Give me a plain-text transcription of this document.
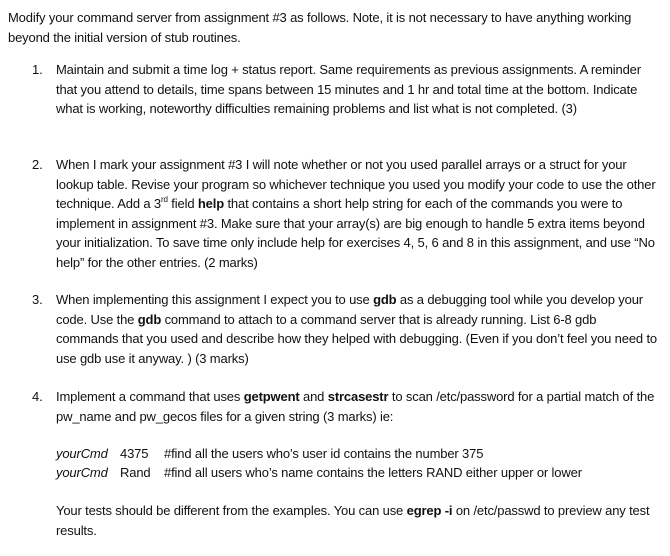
Modify your command server from assignment #3 as follows. Note, it is not necessary to have anything working beyond the initial version of stub routines.
1.	Maintain and submit a time log + status report. Same requirements as previous assignments. A reminder that you attend to details, time spans between 15 minutes and 1 hr and total time at the bottom. Indicate what is working, noteworthy difficulties remaining problems and list what is not completed. (3)
2.	When I mark your assignment #3 I will note whether or not you used parallel arrays or a struct for your lookup table. Revise your program so whichever technique you used you modify your code to use the other technique. Add a 3rd field help that contains a short help string for each of the commands you were to implement in assignment #3. Make sure that your array(s) are big enough to handle 5 extra items beyond your initialization. To save time only include help for exercises 4, 5, 6 and 8 in this assignment, and use “No help” for the other entries. (2 marks)
3.	When implementing this assignment I expect you to use gdb as a debugging tool while you develop your code. Use the gdb command to attach to a command server that is already running. List 6-8 gdb commands that you used and describe how they helped with debugging. (Even if you don’t feel you need to use gdb use it anyway. ) (3 marks)
4.	Implement a command that uses getpwent and strcasestr to scan /etc/password for a partial match of the pw_name and pw_gecos files for a given string (3 marks) ie:
yourCmd 4375 #find all the users who’s user id contains the number 375
yourCmd Rand #find all users who’s name contains the letters RAND either upper or lower
Your tests should be different from the examples. You can use egrep -i on /etc/passwd to preview any test results.
